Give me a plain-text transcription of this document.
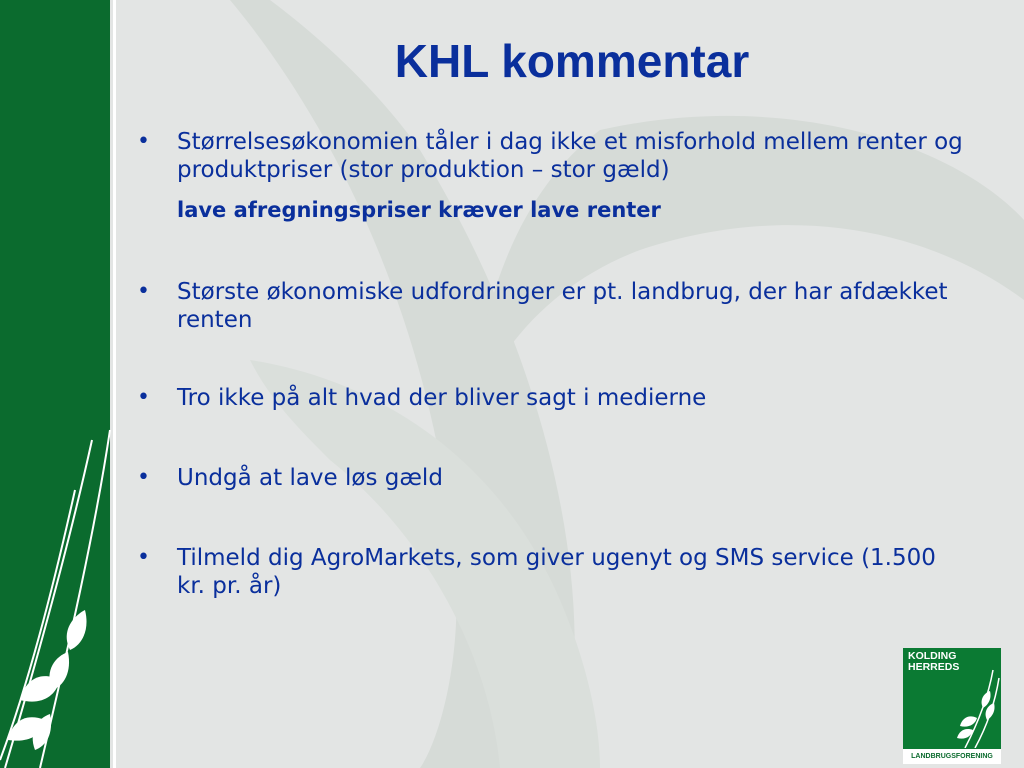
KHL kommentar
• Størrelsesøkonomien tåler i dag ikke et misforhold mellem renter og produktpriser (stor produktion – stor gæld)
lave afregningspriser kræver lave renter
• Største økonomiske udfordringer er pt. landbrug, der har afdækket renten
• Tro ikke på alt hvad der bliver sagt i medierne
• Undgå at lave løs gæld
• Tilmeld dig AgroMarkets, som giver ugenyt og SMS service (1.500 kr. pr. år)
KOLDING
HERREDS
LANDBRUGSFORENING
